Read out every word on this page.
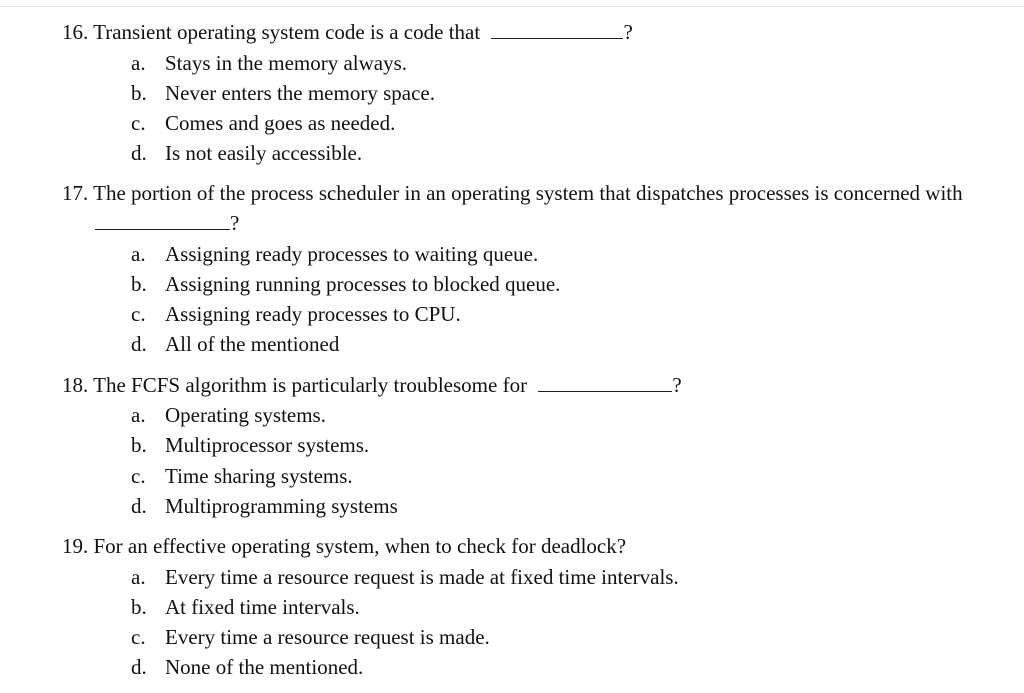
16. Transient operating system code is a code that	?
a. Stays in the memory always.
b. Never enters the memory space.
c. Comes and goes as needed.
d. Is not easily accessible.
17. The portion of the process scheduler in an operating system that dispatches processes is concerned with
?
a. Assigning ready processes to waiting queue.
b. Assigning running processes to blocked queue.
c. Assigning ready processes to CPU.
d. All of the mentioned
18. The FCFS algorithm is particularly troublesome for	?
a. Operating systems.
b. Multiprocessor systems.
c. Time sharing systems.
d. Multiprogramming systems
19. For an effective operating system, when to check for deadlock?
a. Every time a resource request is made at fixed time intervals.
b. At fixed time intervals.
c. Every time a resource request is made.
d. None of the mentioned.
